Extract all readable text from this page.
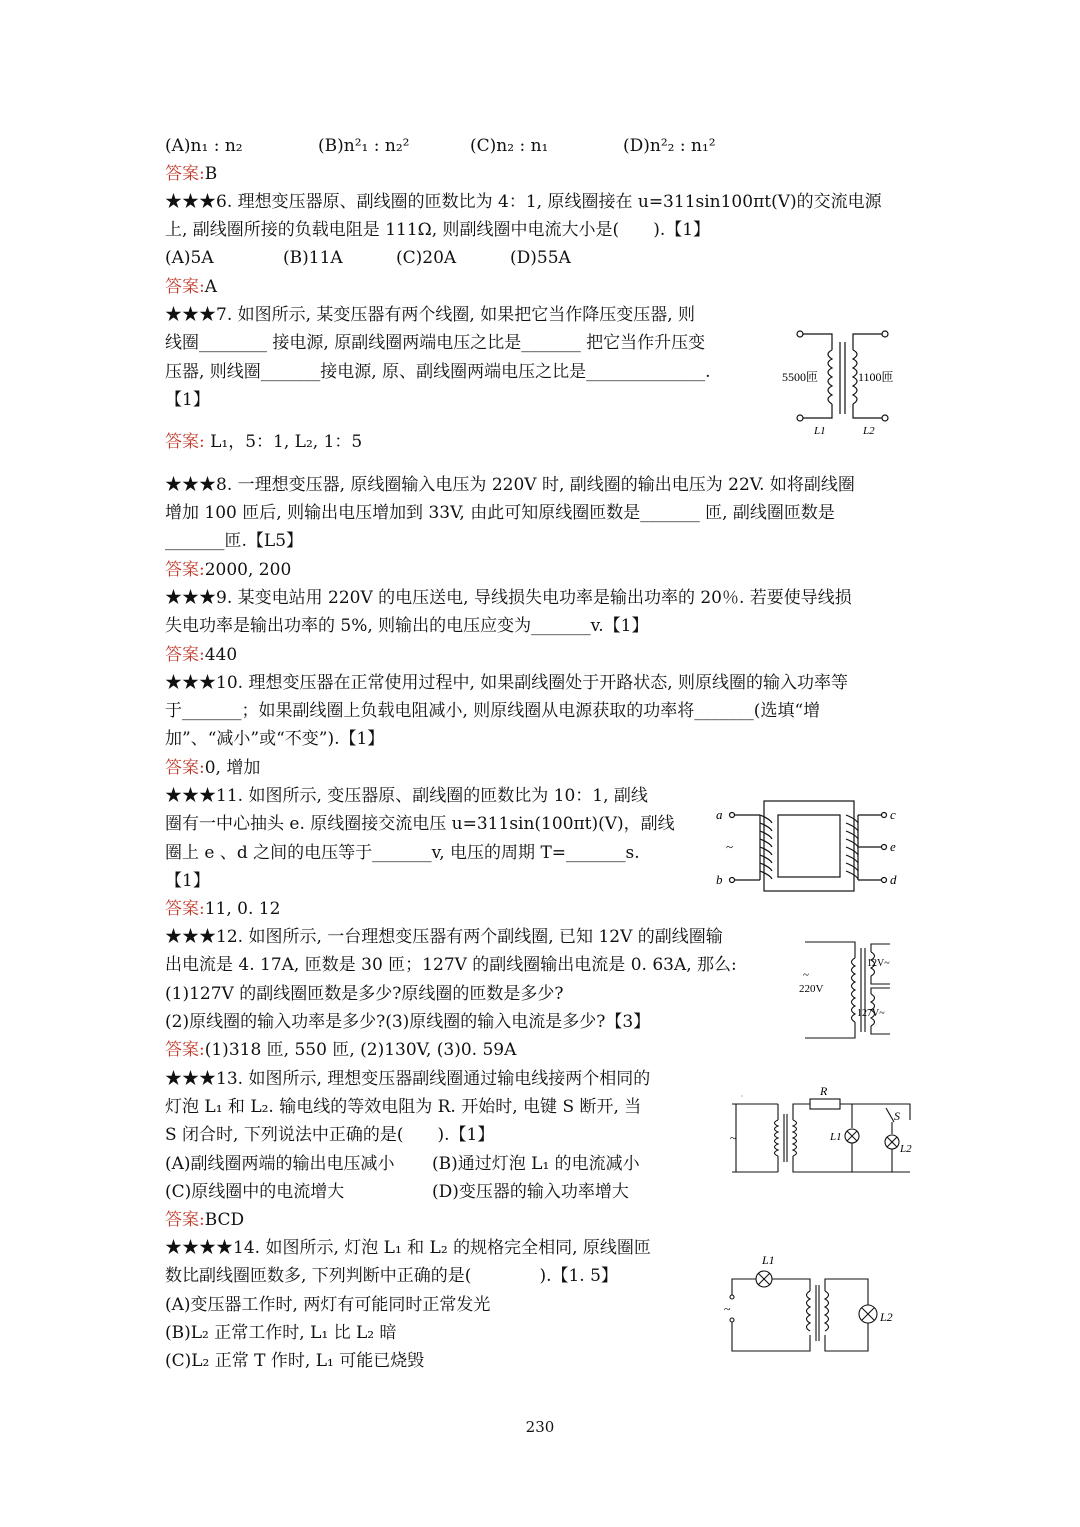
(A)n₁ : n₂	(B)n²₁ : n₂²	(C)n₂ : n₁	(D)n²₂ : n₁²
答案:B
★★★6. 理想变压器原、副线圈的匝数比为 4：1, 原线圈接在 u=311sin100πt(V)的交流电源
上, 副线圈所接的负载电阻是 111Ω, 则副线圈中电流大小是(　　).【1】
(A)5A	(B)11A	(C)20A	(D)55A
答案:A
★★★7. 如图所示, 某变压器有两个线圈, 如果把它当作降压变压器, 则
线圈________ 接电源, 原副线圈两端电压之比是_______ 把它当作升压变
压器, 则线圈_______接电源, 原、副线圈两端电压之比是______________.
【1】
答案: L₁，5：1, L₂, 1：5
5500匝	1100匝
L1	L2
★★★8. 一理想变压器, 原线圈输入电压为 220V 时, 副线圈的输出电压为 22V. 如将副线圈
增加 100 匝后, 则输出电压增加到 33V, 由此可知原线圈匝数是_______ 匝, 副线圈匝数是
_______匝.【L5】
答案:2000, 200
★★★9. 某变电站用 220V 的电压送电, 导线损失电功率是输出功率的 20％. 若要使导线损
失电功率是输出功率的 5%, 则输出的电压应变为_______v.【1】
答案:440
★★★10. 理想变压器在正常使用过程中, 如果副线圈处于开路状态, 则原线圈的输入功率等
于_______；如果副线圈上负载电阻减小, 则原线圈从电源获取的功率将_______(选填“增
加”、“减小”或“不变”).【1】
答案:0, 增加
★★★11. 如图所示, 变压器原、副线圈的匝数比为 10：1, 副线
圈有一中心抽头 e. 原线圈接交流电压 u=311sin(100πt)(V)，副线
圈上 e 、d 之间的电压等于_______v, 电压的周期 T=_______s.
【1】
答案:11, 0. 12
a
b
~
c
e
d
★★★12. 如图所示, 一台理想变压器有两个副线圈, 已知 12V 的副线圈输
出电流是 4. 17A, 匝数是 30 匝；127V 的副线圈输出电流是 0. 63A, 那么:
(1)127V 的副线圈匝数是多少?原线圈的匝数是多少?
(2)原线圈的输入功率是多少?(3)原线圈的输入电流是多少?【3】
答案:(1)318 匝, 550 匝, (2)130V, (3)0. 59A
~
220V
12V~
127V~
★★★13. 如图所示, 理想变压器副线圈通过输电线接两个相同的
灯泡 L₁ 和 L₂. 输电线的等效电阻为 R. 开始时, 电键 S 断开, 当
S 闭合时, 下列说法中正确的是(　　).【1】
(A)副线圈两端的输出电压减小 (B)通过灯泡 L₁ 的电流减小
(C)原线圈中的电流增大	(D)变压器的输入功率增大
答案:BCD
R
S
L1
L2
~
★★★★14. 如图所示, 灯泡 L₁ 和 L₂ 的规格完全相同, 原线圈匝
数比副线圈匝数多, 下列判断中正确的是(　　　　).【1. 5】
(A)变压器工作时, 两灯有可能同时正常发光
(B)L₂ 正常工作时, L₁ 比 L₂ 暗
(C)L₂ 正常 T 作时, L₁ 可能已烧毁
L1
L2
~
230
